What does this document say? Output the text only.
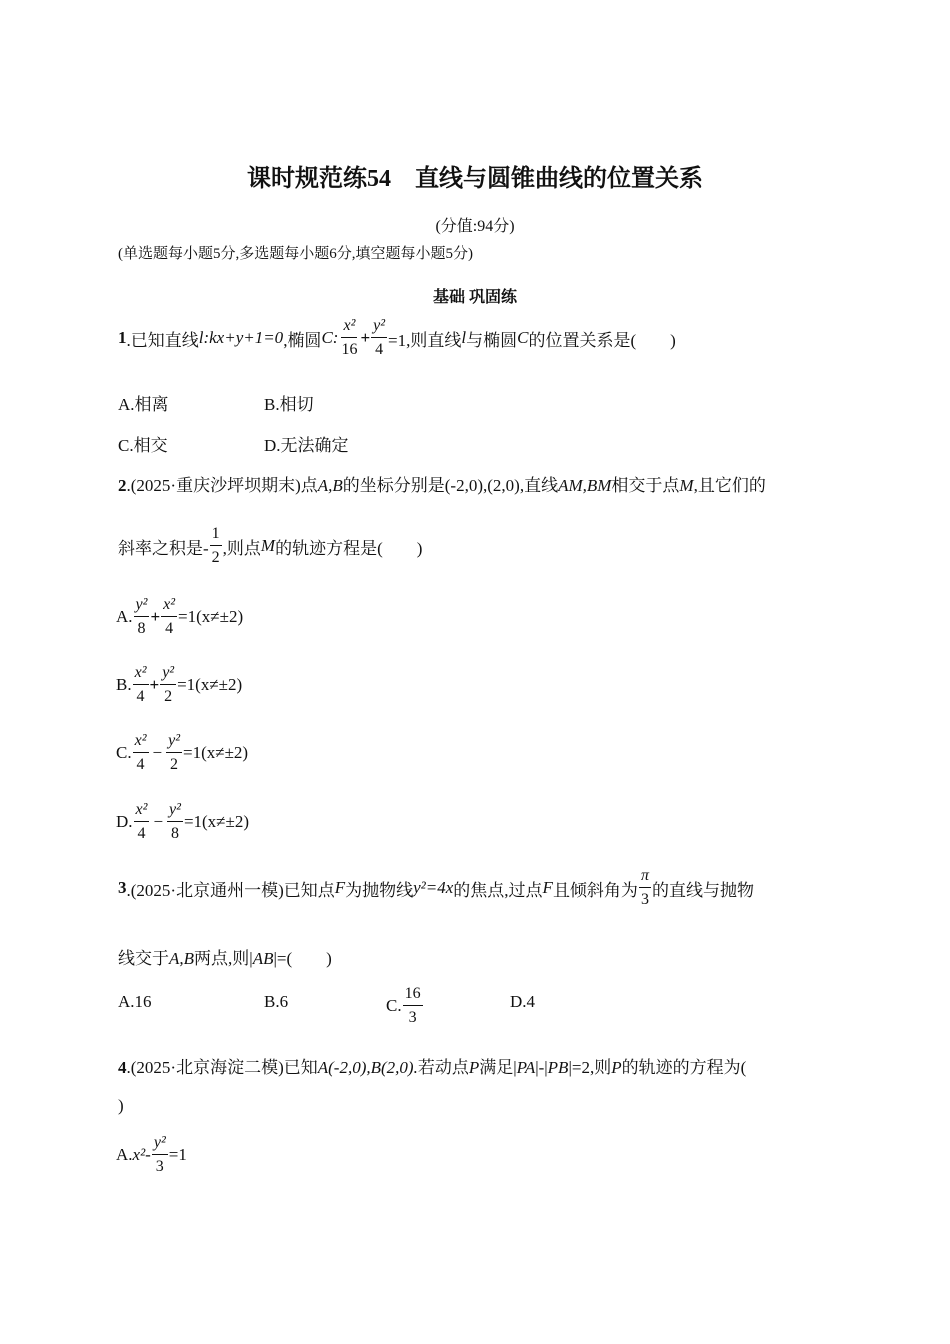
课时规范练54　直线与圆锥曲线的位置关系
(分值:94分)
(单选题每小题5分,多选题每小题6分,填空题每小题5分)
基础 巩固练
1 .已知直线 l:kx+y+1=0 ,椭圆 C: $\frac{\text{x²}}{16} + \frac{\text{y²}}{4} =1$,则直线 l 与椭圆 C 的位置关系是(　　)
A.相离	B.相切
C.相交	D.无法确定
2.(2025·重庆沙坪坝期末)点A,B的坐标分别是(-2,0),(2,0),直线AM,BM相交于点M,且它们的
斜率之积是- $\frac{1}{2}$ ,则点 M 的轨迹方程是(　　)
A. $\frac{\text{y²}}{8} + \frac{\text{x²}}{4} =1(x\ne\pm 2)$
B. $\frac{\text{x²}}{4} + \frac{\text{y²}}{2} =1(x\ne\pm 2)$
C. $\frac{\text{x²}}{4} - \frac{\text{y²}}{2} =1(x\ne\pm 2)$
D. $\frac{\text{x²}}{4} - \frac{\text{y²}}{8} =1(x\ne\pm 2)$
3 .(2025·北京通州一模)已知点 F 为抛物线 y²=4x 的焦点,过点 F 且倾斜角为 $\frac{\pi}{3}$ 的直线与抛物
线交于A,B两点,则|AB|=(　　)
A.16	B.6	C. $\frac{16}{3}$	D.4
4.(2025·北京海淀二模)已知A(-2,0),B(2,0).若动点P满足|PA|-|PB|=2,则P的轨迹的方程为(
)
A. $x^2- \frac{\text{y²}}{3} =1$
